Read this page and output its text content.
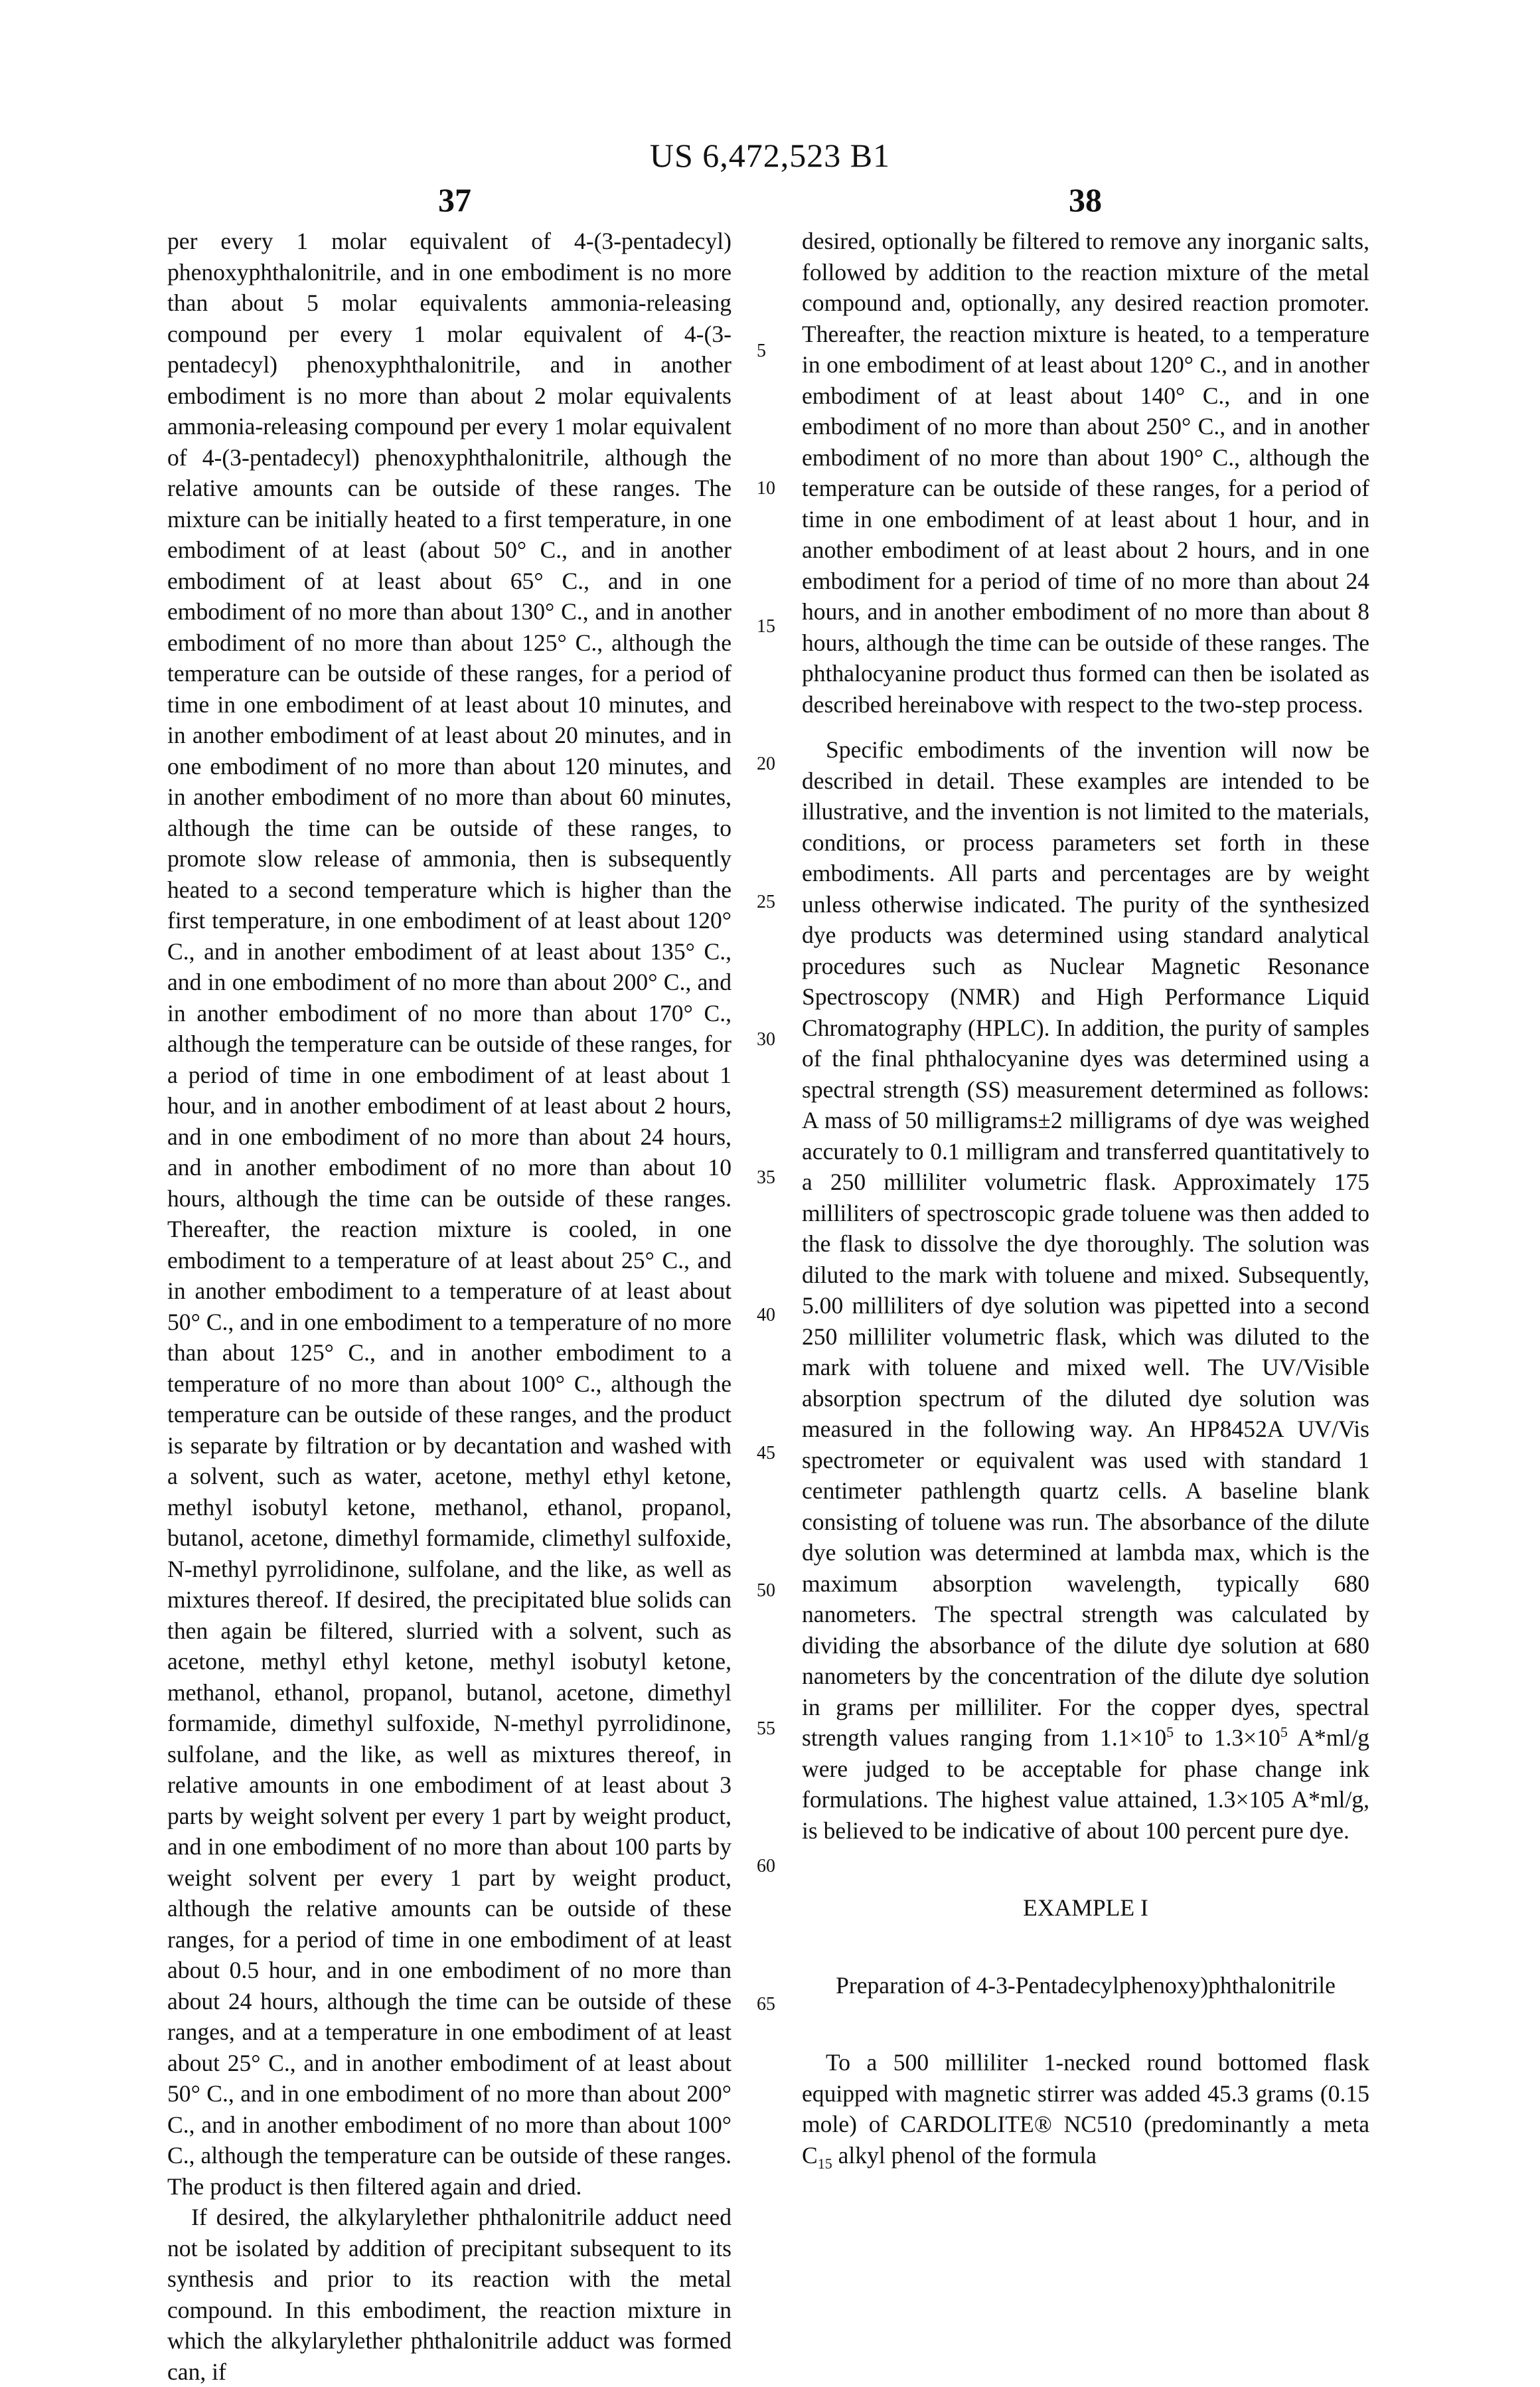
US 6,472,523 B1
37	38

per every 1 molar equivalent of 4-(3-pentadecyl) phenoxyphthalonitrile, and in one embodiment is no more than about 5 molar equivalents ammonia-releasing compound per every 1 molar equivalent of 4-(3-pentadecyl) phenoxyphthalonitrile, and in another embodiment is no more than about 2 molar equivalents ammonia-releasing compound per every 1 molar equivalent of 4-(3-pentadecyl) phenoxyphthalonitrile, although the relative amounts can be outside of these ranges. The mixture can be initially heated to a first temperature, in one embodiment of at least (about 50° C., and in another embodiment of at least about 65° C., and in one embodiment of no more than about 130° C., and in another embodiment of no more than about 125° C., although the temperature can be outside of these ranges, for a period of time in one embodiment of at least about 10 minutes, and in another embodiment of at least about 20 minutes, and in one embodiment of no more than about 120 minutes, and in another embodiment of no more than about 60 minutes, although the time can be outside of these ranges, to promote slow release of ammonia, then is subsequently heated to a second temperature which is higher than the first temperature, in one embodiment of at least about 120° C., and in another embodiment of at least about 135° C., and in one embodiment of no more than about 200° C., and in another embodiment of no more than about 170° C., although the temperature can be outside of these ranges, for a period of time in one embodiment of at least about 1 hour, and in another embodiment of at least about 2 hours, and in one embodiment of no more than about 24 hours, and in another embodiment of no more than about 10 hours, although the time can be outside of these ranges. Thereafter, the reaction mixture is cooled, in one embodiment to a temperature of at least about 25° C., and in another embodiment to a temperature of at least about 50° C., and in one embodiment to a temperature of no more than about 125° C., and in another embodiment to a temperature of no more than about 100° C., although the temperature can be outside of these ranges, and the product is separate by filtration or by decantation and washed with a solvent, such as water, acetone, methyl ethyl ketone, methyl isobutyl ketone, methanol, ethanol, propanol, butanol, acetone, dimethyl formamide, climethyl sulfoxide, N-methyl pyrrolidinone, sulfolane, and the like, as well as mixtures thereof. If desired, the precipitated blue solids can then again be filtered, slurried with a solvent, such as acetone, methyl ethyl ketone, methyl isobutyl ketone, methanol, ethanol, propanol, butanol, acetone, dimethyl formamide, dimethyl sulfoxide, N-methyl pyrrolidinone, sulfolane, and the like, as well as mixtures thereof, in relative amounts in one embodiment of at least about 3 parts by weight solvent per every 1 part by weight product, and in one embodiment of no more than about 100 parts by weight solvent per every 1 part by weight product, although the relative amounts can be outside of these ranges, for a period of time in one embodiment of at least about 0.5 hour, and in one embodiment of no more than about 24 hours, although the time can be outside of these ranges, and at a temperature in one embodiment of at least about 25° C., and in another embodiment of at least about 50° C., and in one embodiment of no more than about 200° C., and in another embodiment of no more than about 100° C., although the temperature can be outside of these ranges. The product is then filtered again and dried.

If desired, the alkylarylether phthalonitrile adduct need not be isolated by addition of precipitant subsequent to its synthesis and prior to its reaction with the metal compound. In this embodiment, the reaction mixture in which the alkylarylether phthalonitrile adduct was formed can, if

5
10
15
20
25
30
35
40
45
50
55
60
65

desired, optionally be filtered to remove any inorganic salts, followed by addition to the reaction mixture of the metal compound and, optionally, any desired reaction promoter. Thereafter, the reaction mixture is heated, to a temperature in one embodiment of at least about 120° C., and in another embodiment of at least about 140° C., and in one embodiment of no more than about 250° C., and in another embodiment of no more than about 190° C., although the temperature can be outside of these ranges, for a period of time in one embodiment of at least about 1 hour, and in another embodiment of at least about 2 hours, and in one embodiment for a period of time of no more than about 24 hours, and in another embodiment of no more than about 8 hours, although the time can be outside of these ranges. The phthalocyanine product thus formed can then be isolated as described hereinabove with respect to the two-step process.

Specific embodiments of the invention will now be described in detail. These examples are intended to be illustrative, and the invention is not limited to the materials, conditions, or process parameters set forth in these embodiments. All parts and percentages are by weight unless otherwise indicated. The purity of the synthesized dye products was determined using standard analytical procedures such as Nuclear Magnetic Resonance Spectroscopy (NMR) and High Performance Liquid Chromatography (HPLC). In addition, the purity of samples of the final phthalocyanine dyes was determined using a spectral strength (SS) measurement determined as follows: A mass of 50 milligrams±2 milligrams of dye was weighed accurately to 0.1 milligram and transferred quantitatively to a 250 milliliter volumetric flask. Approximately 175 milliliters of spectroscopic grade toluene was then added to the flask to dissolve the dye thoroughly. The solution was diluted to the mark with toluene and mixed. Subsequently, 5.00 milliliters of dye solution was pipetted into a second 250 milliliter volumetric flask, which was diluted to the mark with toluene and mixed well. The UV/Visible absorption spectrum of the diluted dye solution was measured in the following way. An HP8452A UV/Vis spectrometer or equivalent was used with standard 1 centimeter pathlength quartz cells. A baseline blank consisting of toluene was run. The absorbance of the dilute dye solution was determined at lambda max, which is the maximum absorption wavelength, typically 680 nanometers. The spectral strength was calculated by dividing the absorbance of the dilute dye solution at 680 nanometers by the concentration of the dilute dye solution in grams per milliliter. For the copper dyes, spectral strength values ranging from 1.1×105 to 1.3×105 A*ml/g were judged to be acceptable for phase change ink formulations. The highest value attained, 1.3×105 A*ml/g, is believed to be indicative of about 100 percent pure dye.

EXAMPLE I

Preparation of 4-3-Pentadecylphenoxy)phthalonitrile

To a 500 milliliter 1-necked round bottomed flask equipped with magnetic stirrer was added 45.3 grams (0.15 mole) of CARDOLITE® NC510 (predominantly a meta C15 alkyl phenol of the formula
